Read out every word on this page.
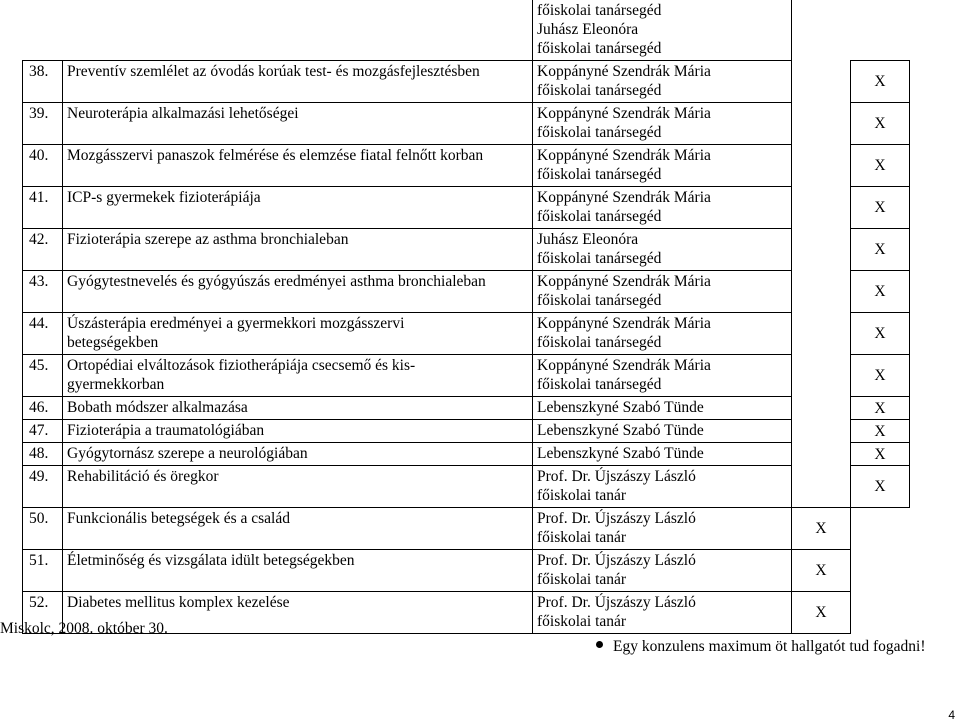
		főiskolai tanársegéd
Juhász Eleonóra
főiskolai tanársegéd		

38.	Preventív szemlélet az óvodás korúak test- és mozgásfejlesztésben	Koppányné Szendrák Mária
főiskolai tanársegéd		X
39.	Neuroterápia alkalmazási lehetőségei	Koppányné Szendrák Mária
főiskolai tanársegéd		X
40.	Mozgásszervi panaszok felmérése és elemzése fiatal felnőtt korban	Koppányné Szendrák Mária
főiskolai tanársegéd		X
41.	ICP-s gyermekek fizioterápiája	Koppányné Szendrák Mária
főiskolai tanársegéd		X
42.	Fizioterápia szerepe az asthma bronchialeban	Juhász Eleonóra
főiskolai tanársegéd		X
43.	Gyógytestnevelés és gyógyúszás eredményei asthma bronchialeban	Koppányné Szendrák Mária
főiskolai tanársegéd		X
44.	Úszásterápia eredményei a gyermekkori mozgásszervi
betegségekben	Koppányné Szendrák Mária
főiskolai tanársegéd		X
45.	Ortopédiai elváltozások fiziotherápiája csecsemő és kis-
gyermekkorban	Koppányné Szendrák Mária
főiskolai tanársegéd		X
46.	Bobath módszer alkalmazása	Lebenszkyné Szabó Tünde		X
47.	Fizioterápia a traumatológiában	Lebenszkyné Szabó Tünde		X
48.	Gyógytornász szerepe a neurológiában	Lebenszkyné Szabó Tünde		X
49.	Rehabilitáció és öregkor	Prof. Dr. Újszászy László
főiskolai tanár		X
50.	Funkcionális betegségek és a család	Prof. Dr. Újszászy László
főiskolai tanár	X	
51.	Életminőség és vizsgálata idült betegségekben	Prof. Dr. Újszászy László
főiskolai tanár	X	
52.	Diabetes mellitus komplex kezelése	Prof. Dr. Újszászy László
főiskolai tanár	X	
Miskolc, 2008. október 30.
Egy konzulens maximum öt hallgatót tud fogadni!
4
